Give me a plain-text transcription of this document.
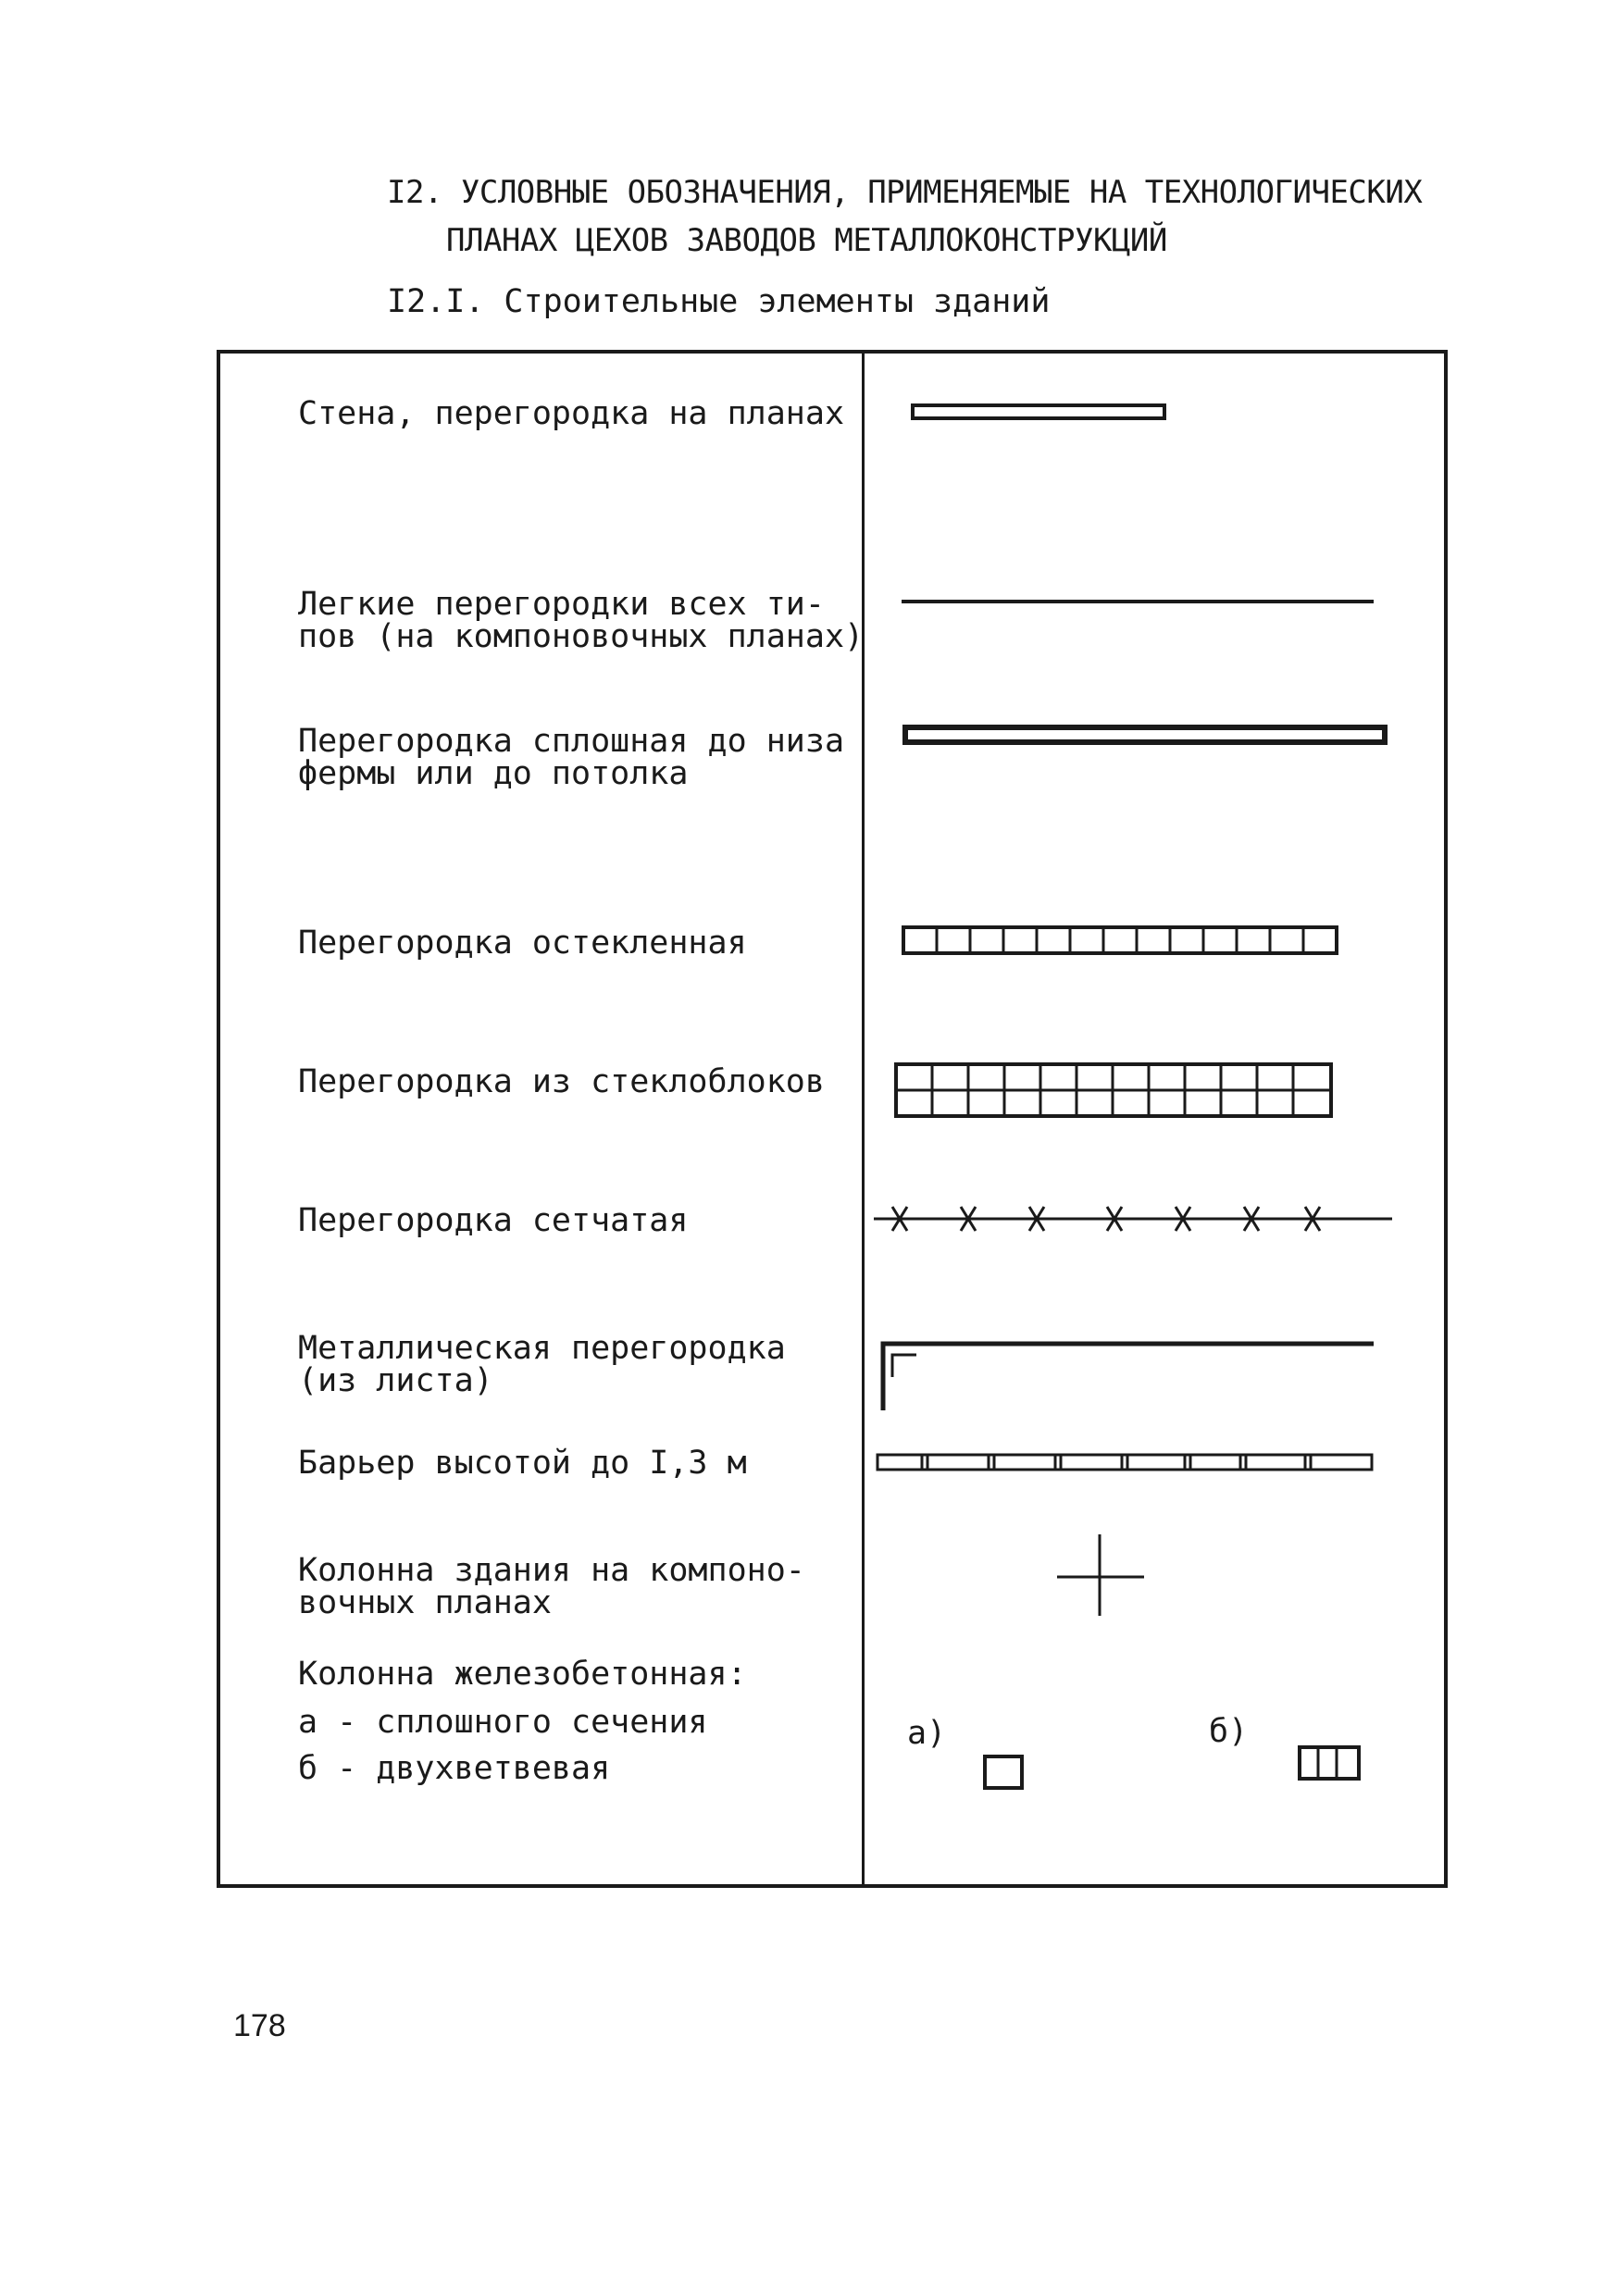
I2. УСЛОВНЫЕ ОБОЗНАЧЕНИЯ, ПРИМЕНЯЕМЫЕ НА ТЕХНОЛОГИЧЕСКИХ
ПЛАНАХ ЦЕХОВ ЗАВОДОВ МЕТАЛЛОКОНСТРУКЦИЙ
I2.I. Строительные элементы зданий
Стена, перегородка на планах
Легкие перегородки всех ти-
пов (на компоновочных планах)
Перегородка сплошная до низа
фермы или до потолка
Перегородка остекленная
Перегородка из стеклоблоков
Перегородка сетчатая
Металлическая перегородка
(из листа)
Барьер высотой до I,3 м
Колонна здания на компоно-
вочных планах
Колонна железобетонная:
а - сплошного сечения
б - двухветвевая
а)	б)
178
